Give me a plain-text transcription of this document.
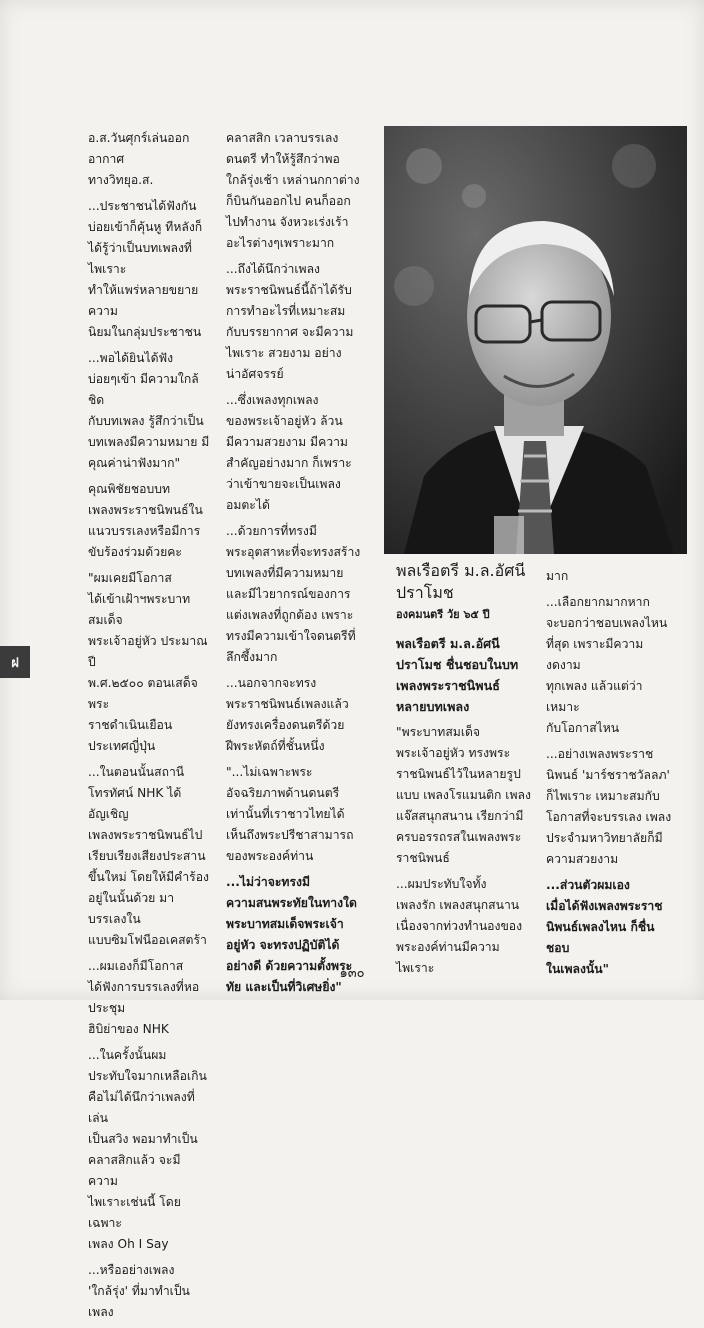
อ.ส.วันศุกร์เล่นออกอากาศ
ทางวิทยุอ.ส.

...ประชาชนได้ฟังกัน
บ่อยเข้าก็คุ้นหู ทีหลังก็
ได้รู้ว่าเป็นบทเพลงที่ไพเราะ
ทำให้แพร่หลายขยายความ
นิยมในกลุ่มประชาชน

...พอได้ยินได้ฟัง
บ่อยๆเข้า มีความใกล้ชิด
กับบทเพลง รู้สึกว่าเป็น
บทเพลงมีความหมาย มี
คุณค่าน่าฟังมาก"

คุณพิชัยชอบบท
เพลงพระราชนิพนธ์ใน
แนวบรรเลงหรือมีการ
ขับร้องร่วมด้วยคะ

"ผมเคยมีโอกาส
ได้เข้าเฝ้าฯพระบาทสมเด็จ
พระเจ้าอยู่หัว ประมาณปี
พ.ศ.๒๕๐๐ ตอนเสด็จพระ
ราชดำเนินเยือนประเทศญี่ปุ่น

...ในตอนนั้นสถานี
โทรทัศน์ NHK ได้อัญเชิญ
เพลงพระราชนิพนธ์ไป
เรียบเรียงเสียงประสาน
ขึ้นใหม่ โดยให้มีคำร้อง
อยู่ในนั้นด้วย มาบรรเลงใน
แบบซิมโฟนีออเคสตร้า

...ผมเองก็มีโอกาส
ได้ฟังการบรรเลงที่หอประชุม
ฮิบิย่าของ NHK

...ในครั้งนั้นผม
ประทับใจมากเหลือเกิน
คือไม่ได้นึกว่าเพลงที่เล่น
เป็นสวิง พอมาทำเป็น
คลาสสิกแล้ว จะมีความ
ไพเราะเช่นนี้ โดยเฉพาะ
เพลง Oh I Say

...หรืออย่างเพลง
'ใกล้รุ่ง' ที่มาทำเป็นเพลง

คลาสสิก เวลาบรรเลง
ดนตรี ทำให้รู้สึกว่าพอ
ใกล้รุ่งเช้า เหล่านกกาต่าง
ก็บินกันออกไป คนก็ออก
ไปทำงาน จังหวะเร่งเร้า
อะไรต่างๆเพราะมาก

...ถึงได้นึกว่าเพลง
พระราชนิพนธ์นี้ถ้าได้รับ
การทำอะไรที่เหมาะสม
กับบรรยากาศ จะมีความ
ไพเราะ สวยงาม อย่าง
น่าอัศจรรย์

...ซึ่งเพลงทุกเพลง
ของพระเจ้าอยู่หัว ล้วน
มีความสวยงาม มีความ
สำคัญอย่างมาก ก็เพราะ
ว่าเข้าขายจะเป็นเพลง
อมตะได้

...ด้วยการที่ทรงมี
พระอุตสาหะที่จะทรงสร้าง
บทเพลงที่มีความหมาย
และมีไวยากรณ์ของการ
แต่งเพลงที่ถูกต้อง เพราะ
ทรงมีความเข้าใจดนตรีที่
ลึกซึ้งมาก

...นอกจากจะทรง
พระราชนิพนธ์เพลงแล้ว
ยังทรงเครื่องดนตรีด้วย
ฝีพระหัตถ์ที่ชั้นหนึ่ง

"...ไม่เฉพาะพระ
อัจฉริยภาพด้านดนตรี
เท่านั้นที่เราชาวไทยได้
เห็นถึงพระปรีชาสามารถ
ของพระองค์ท่าน

...ไม่ว่าจะทรงมี
ความสนพระทัยในทางใด
พระบาทสมเด็จพระเจ้า
อยู่หัว จะทรงปฏิบัติได้
อย่างดี ด้วยความตั้งพระ
ทัย และเป็นที่วิเศษยิ่ง"

พลเรือตรี ม.ล.อัศนี
ปราโมช

องคมนตรี วัย ๖๕ ปี

พลเรือตรี ม.ล.อัศนี
ปราโมช ชื่นชอบในบท
เพลงพระราชนิพนธ์
หลายบทเพลง

"พระบาทสมเด็จ
พระเจ้าอยู่หัว ทรงพระ
ราชนิพนธ์ไว้ในหลายรูป
แบบ เพลงโรแมนติก เพลง
แจ๊สสนุกสนาน เรียกว่ามี
ครบอรรถรสในเพลงพระ
ราชนิพนธ์

...ผมประทับใจทั้ง
เพลงรัก เพลงสนุกสนาน
เนื่องจากท่วงทำนองของ
พระองค์ท่านมีความไพเราะ

มาก

...เลือกยากมากหาก
จะบอกว่าชอบเพลงไหน
ที่สุด เพราะมีความงดงาม
ทุกเพลง แล้วแต่ว่าเหมาะ
กับโอกาสไหน

...อย่างเพลงพระราช
นิพนธ์ 'มาร์ชราชวัลลภ'
ก็ไพเราะ เหมาะสมกับ
โอกาสที่จะบรรเลง เพลง
ประจำมหาวิทยาลัยก็มี
ความสวยงาม

...ส่วนตัวผมเอง
เมื่อได้ฟังเพลงพระราช
นิพนธ์เพลงไหน ก็ชื่นชอบ
ในเพลงนั้น"

ฝ
๑๓๐
